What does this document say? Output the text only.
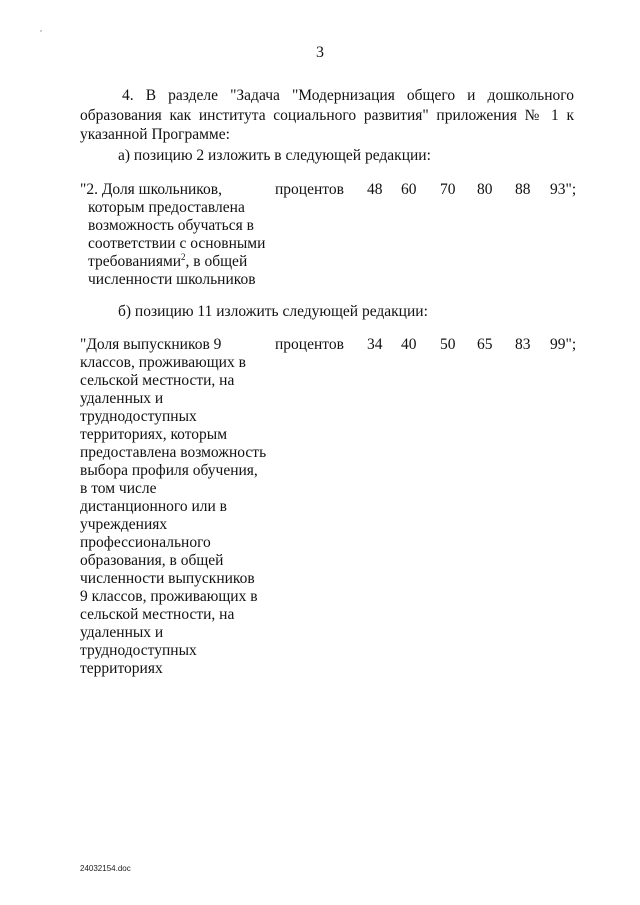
3
4. В разделе "Задача "Модернизация общего и дошкольного образования как института социального развития" приложения № 1 к указанной Программе:
а) позицию 2 изложить в следующей редакции:
"2. Доля школьников,
которым предоставлена
возможность обучаться в
соответствии с основными
требованиями$^2$, в общей
численности школьников
процентов 48 60 70 80 88 93";
б) позицию 11 изложить следующей редакции:
"Доля выпускников 9
классов, проживающих в
сельской местности, на
удаленных и
труднодоступных
территориях, которым
предоставлена возможность
выбора профиля обучения,
в том числе
дистанционного или в
учреждениях
профессионального
образования, в общей
численности выпускников
9 классов, проживающих в
сельской местности, на
удаленных и
труднодоступных
территориях
процентов 34 40 50 65 83 99";
24032154.doc
